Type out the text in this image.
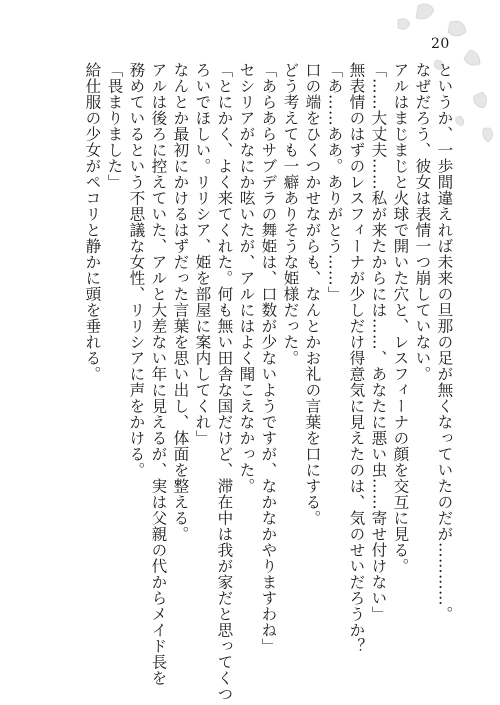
20
というか、一歩間違えれば未来の旦那の足が無くなっていたのだが…………。
なぜだろう、彼女は表情一つ崩していない。
アルはまじまじと火球で開いた穴と、レスフィーナの顔を交互に見る。
「……大丈夫……私が来たからには……、あなたに悪い虫……寄せ付けない」
無表情のはずのレスフィーナが少しだけ得意気に見えたのは、気のせいだろうか？
「あ……ああ。ありがとう……」
口の端をひくつかせながらも、なんとかお礼の言葉を口にする。
どう考えても一癖ありそうな姫様だった。
「あらあらサブデラの舞姫は、口数が少ないようですが、なかなかやりますわね」
セシリアがなにか呟いたが、アルにはよく聞こえなかった。
「とにかく、よく来てくれた。何も無い田舎な国だけど、滞在中は我が家だと思ってくつ
ろいでほしい。リリシア、姫を部屋に案内してくれ」
なんとか最初にかけるはずだった言葉を思い出し、体面を整える。
アルは後ろに控えていた、アルと大差ない年に見えるが、実は父親の代からメイド長を
務めているという不思議な女性、リリシアに声をかける。
「畏まりました」
給仕服の少女がペコリと静かに頭を垂れる。
